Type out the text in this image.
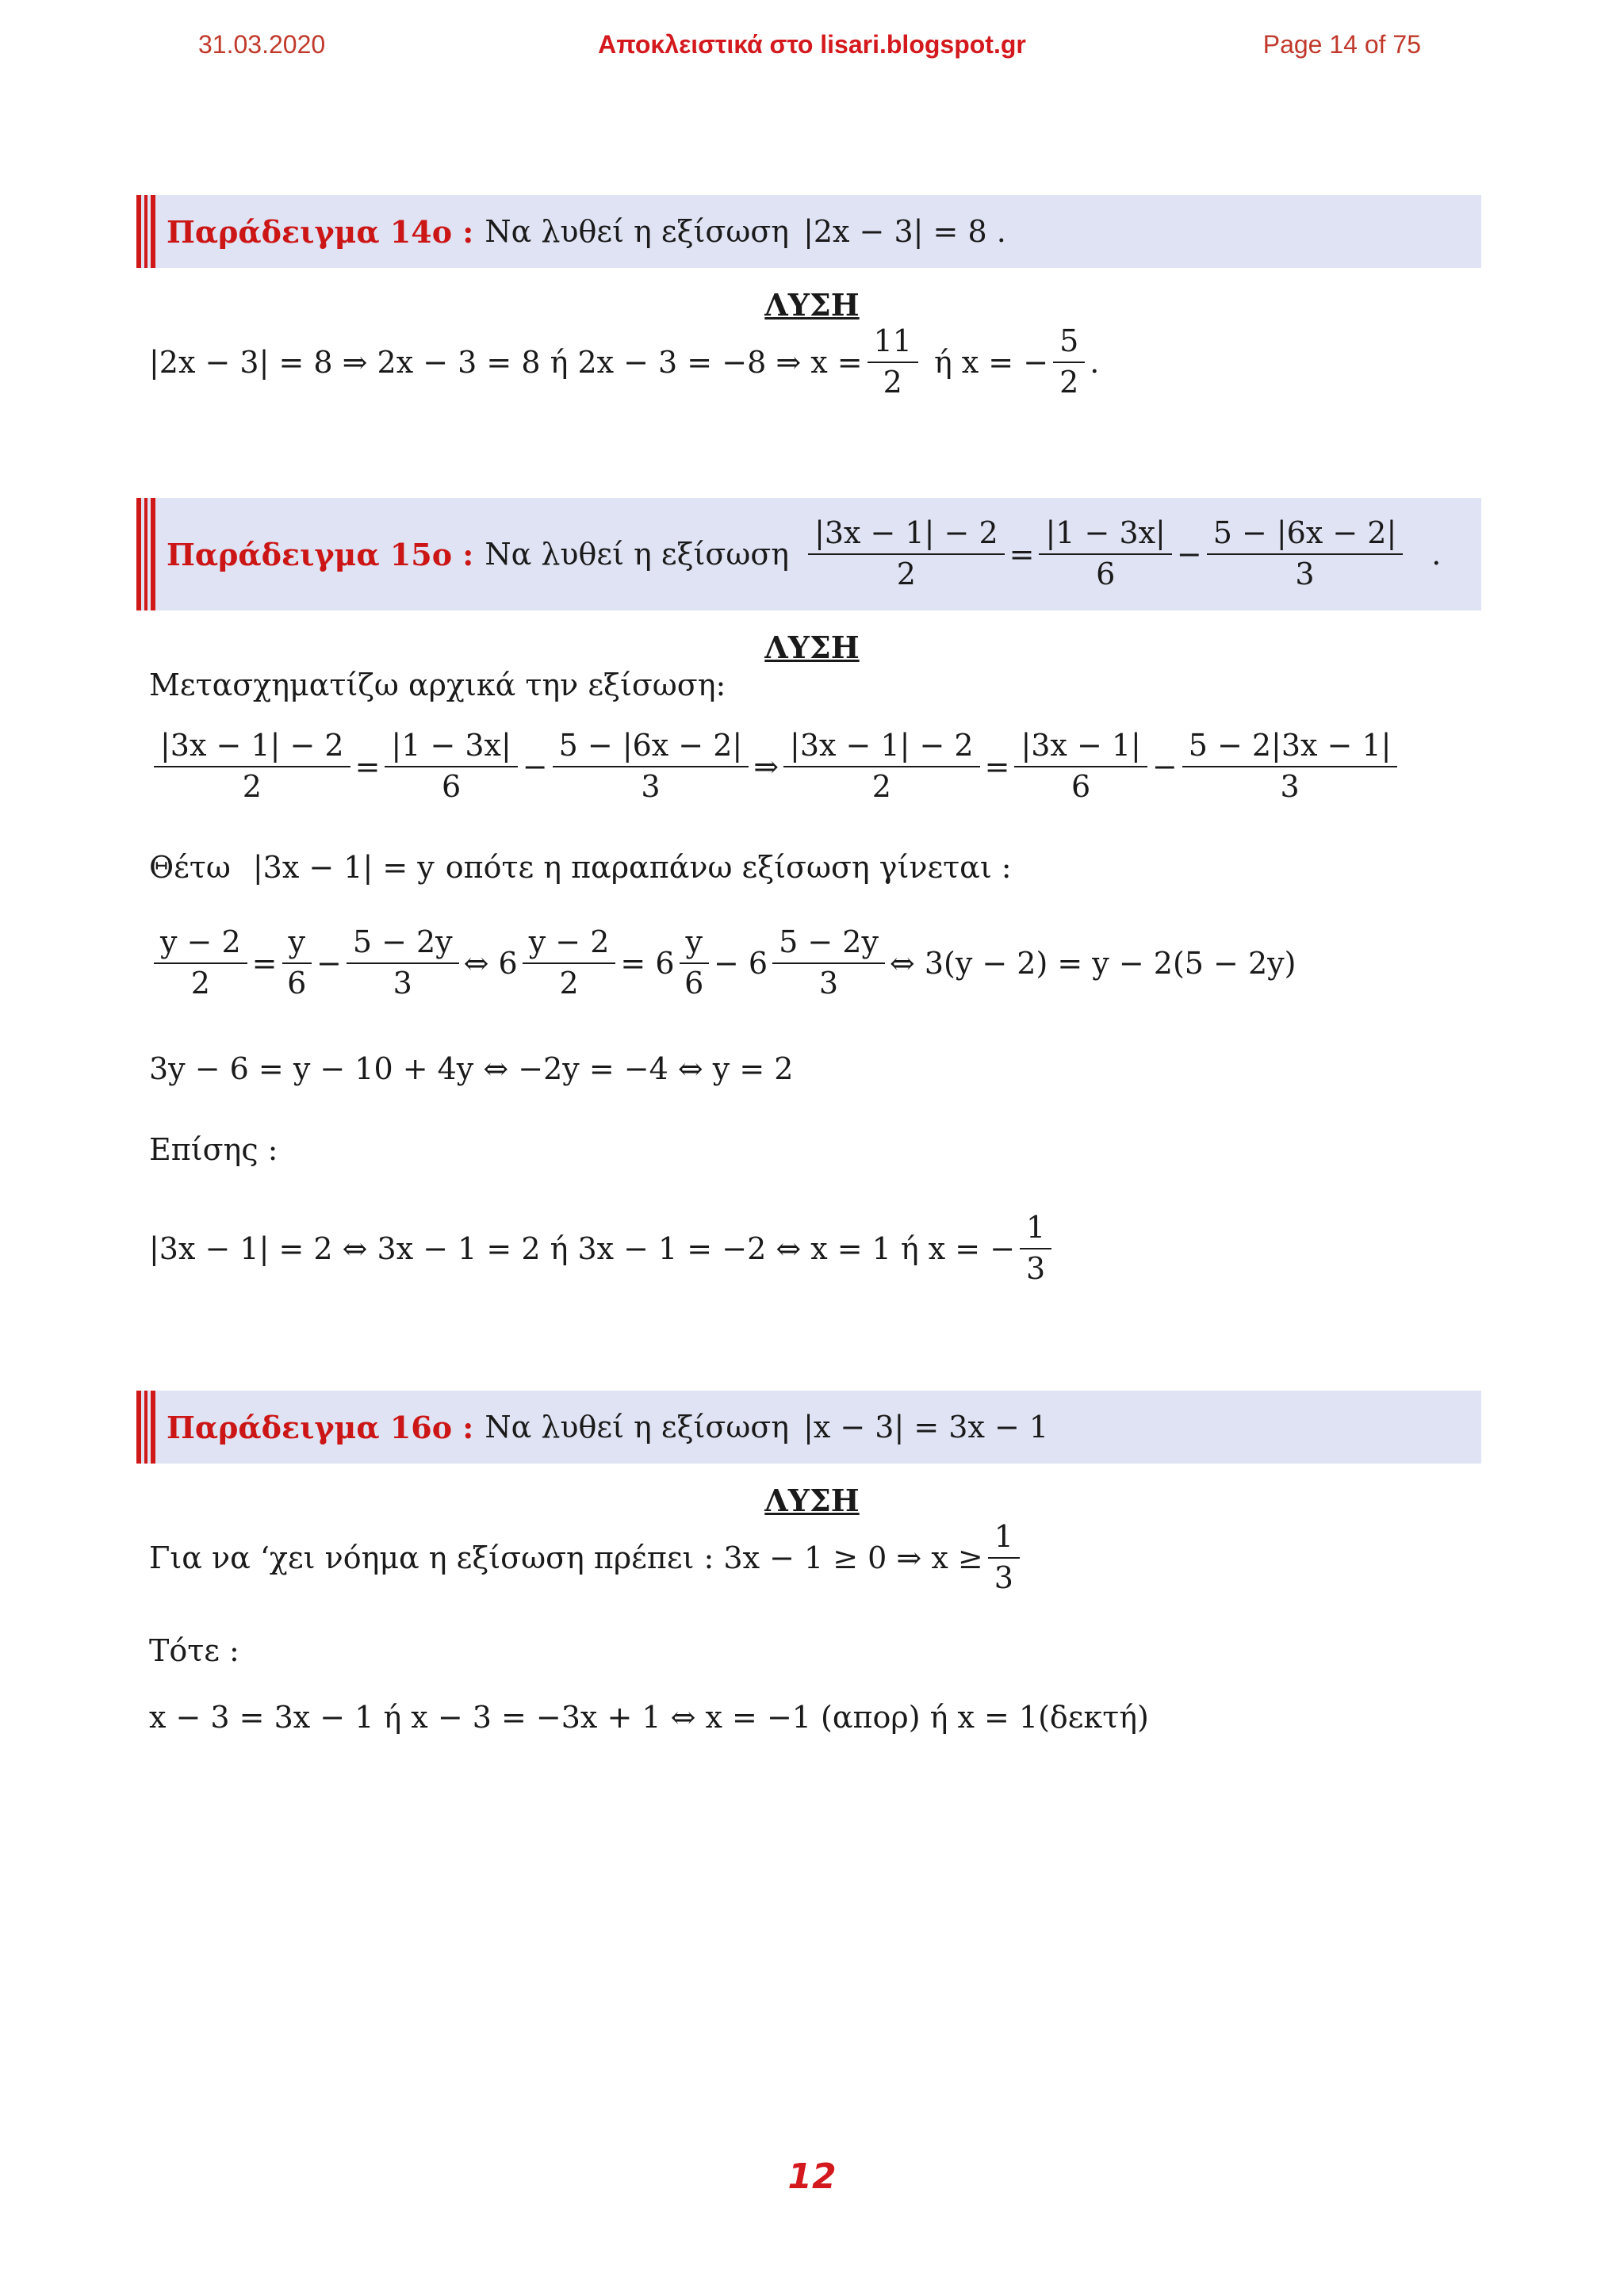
31.03.2020	Αποκλειστικά στο lisari.blogspot.gr	Page 14 of 75
Παράδειγμα 14ο : Να λυθεί η εξίσωση |2x − 3| = 8 .
ΛΥΣΗ
|2x − 3| = 8 ⇒ 2x − 3 = 8 ή 2x − 3 = −8 ⇒ $x = \frac{11}{2}$ ή x = − $\frac{5}{2}$ .
Παράδειγμα 15ο : Να λυθεί η εξίσωση $\frac{|3x - 1| - 2}{2} = \frac{|1 - 3x|}{6} - \frac{5 - |6x - 2|}{3}$ .
ΛΥΣΗ
Μετασχηματίζω αρχικά την εξίσωση:
$\frac{|3x - 1| - 2}{2} = \frac{|1 - 3x|}{6} - \frac{5 - |6x - 2|}{3}$ ⇒ $\frac{|3x - 1| - 2}{2} = \frac{|3x - 1|}{6} - \frac{5 - 2|3x - 1|}{3}$
Θέτω |3x − 1| = y οπότε η παραπάνω εξίσωση γίνεται :
$\frac{y - 2}{2} = \frac{y}{6} - \frac{5 - 2y}{3}$ ⇔ $6 \frac{y - 2}{2} = 6 \frac{y}{6} - 6 \frac{5 - 2y}{3}$ ⇔ 3(y − 2) = y − 2(5 − 2y)
3y − 6 = y − 10 + 4y ⇔ −2y = −4 ⇔ y = 2
Επίσης :
|3x − 1| = 2 ⇔ 3x − 1 = 2 ή 3x − 1 = −2 ⇔ x = 1 ή x = − $\frac{1}{3}$
Παράδειγμα 16ο : Να λυθεί η εξίσωση |x − 3| = 3x − 1
ΛΥΣΗ
Για να ‘χει νόημα η εξίσωση πρέπει : 3x − 1 ≥ 0 ⇒ $x \ge \frac{1}{3}$
Τότε :
x − 3 = 3x − 1 ή x − 3 = −3x + 1 ⇔ x = −1 (απορ) ή x = 1(δεκτή)
12
